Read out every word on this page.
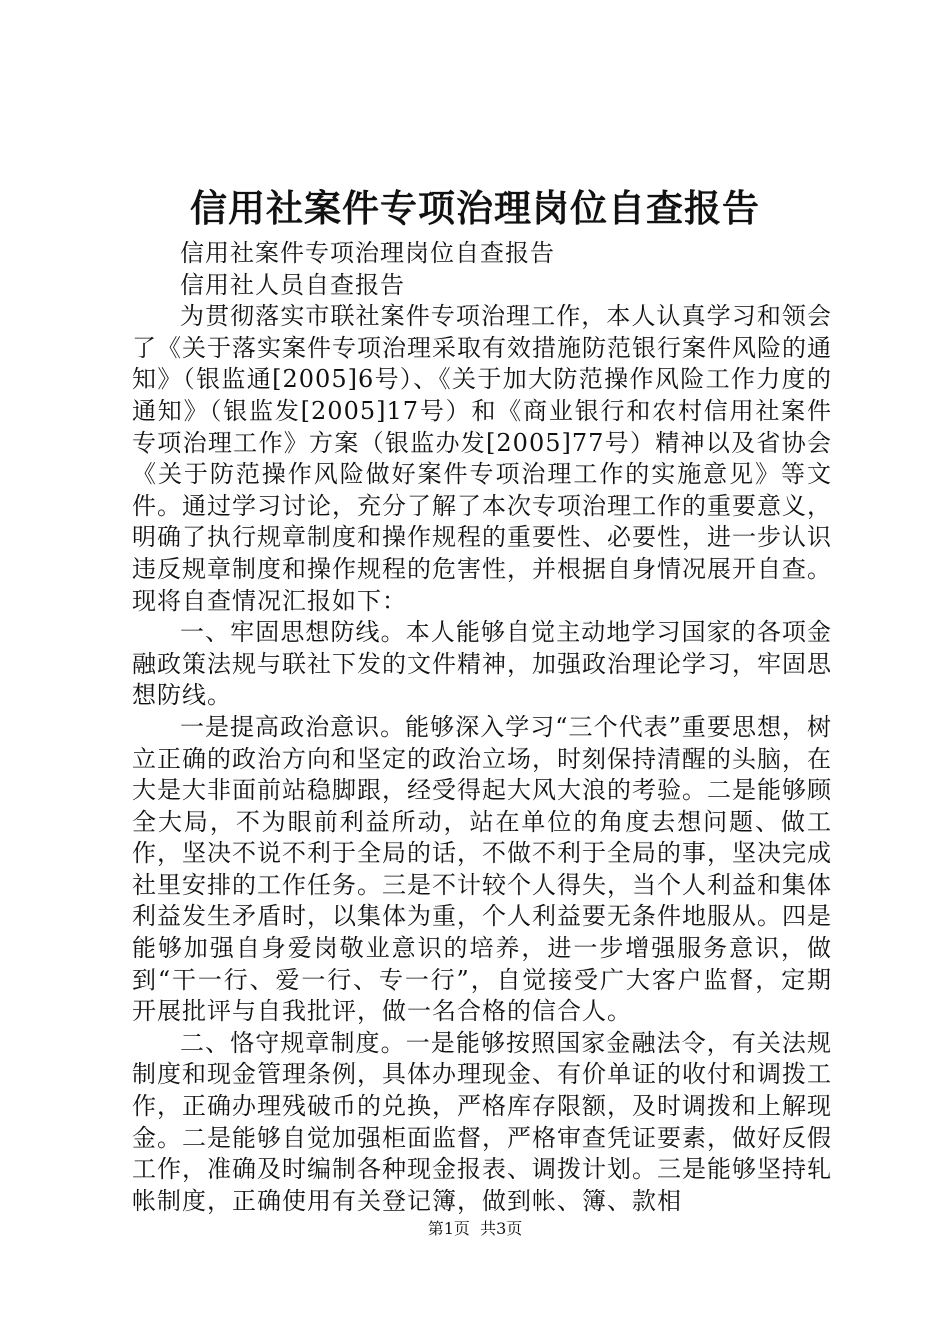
信用社案件专项治理岗位自查报告

信用社案件专项治理岗位自查报告

信用社人员自查报告

为贯彻落实市联社案件专项治理工作，本人认真学习和领会了《关于落实案件专项治理采取有效措施防范银行案件风险的通知》（银监通[2005]6号）、《关于加大防范操作风险工作力度的通知》（银监发[2005]17号）和《商业银行和农村信用社案件专项治理工作》方案（银监办发[2005]77号）精神以及省协会《关于防范操作风险做好案件专项治理工作的实施意见》等文件。通过学习讨论，充分了解了本次专项治理工作的重要意义，明确了执行规章制度和操作规程的重要性、必要性，进一步认识违反规章制度和操作规程的危害性，并根据自身情况展开自查。现将自查情况汇报如下：

一、牢固思想防线。本人能够自觉主动地学习国家的各项金融政策法规与联社下发的文件精神，加强政治理论学习，牢固思想防线。

一是提高政治意识。能够深入学习“三个代表”重要思想，树立正确的政治方向和坚定的政治立场，时刻保持清醒的头脑，在大是大非面前站稳脚跟，经受得起大风大浪的考验。二是能够顾全大局，不为眼前利益所动，站在单位的角度去想问题、做工作，坚决不说不利于全局的话，不做不利于全局的事，坚决完成社里安排的工作任务。三是不计较个人得失，当个人利益和集体利益发生矛盾时，以集体为重，个人利益要无条件地服从。四是能够加强自身爱岗敬业意识的培养，进一步增强服务意识，做到“干一行、爱一行、专一行”，自觉接受广大客户监督，定期开展批评与自我批评，做一名合格的信合人。

二、恪守规章制度。一是能够按照国家金融法令，有关法规制度和现金管理条例，具体办理现金、有价单证的收付和调拨工作，正确办理残破币的兑换，严格库存限额，及时调拨和上解现金。二是能够自觉加强柜面监督，严格审查凭证要素，做好反假工作，准确及时编制各种现金报表、调拨计划。三是能够坚持轧帐制度，正确使用有关登记簿，做到帐、簿、款相

第1页 共3页
